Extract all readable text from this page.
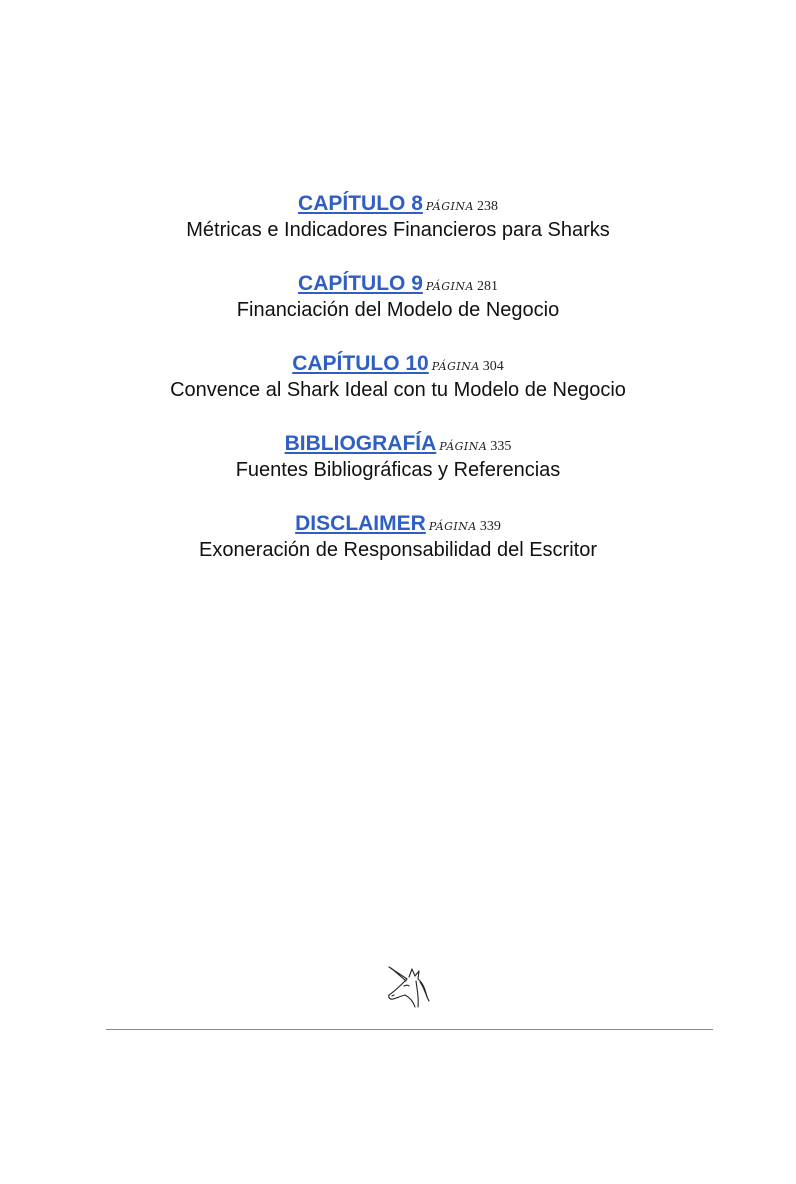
CAPÍTULO 8 PÁGINA 238
Métricas e Indicadores Financieros para Sharks
CAPÍTULO 9 PÁGINA 281
Financiación del Modelo de Negocio
CAPÍTULO 10 PÁGINA 304
Convence al Shark Ideal con tu Modelo de Negocio
BIBLIOGRAFÍA PÁGINA 335
Fuentes Bibliográficas y Referencias
DISCLAIMER PÁGINA 339
Exoneración de Responsabilidad del Escritor
